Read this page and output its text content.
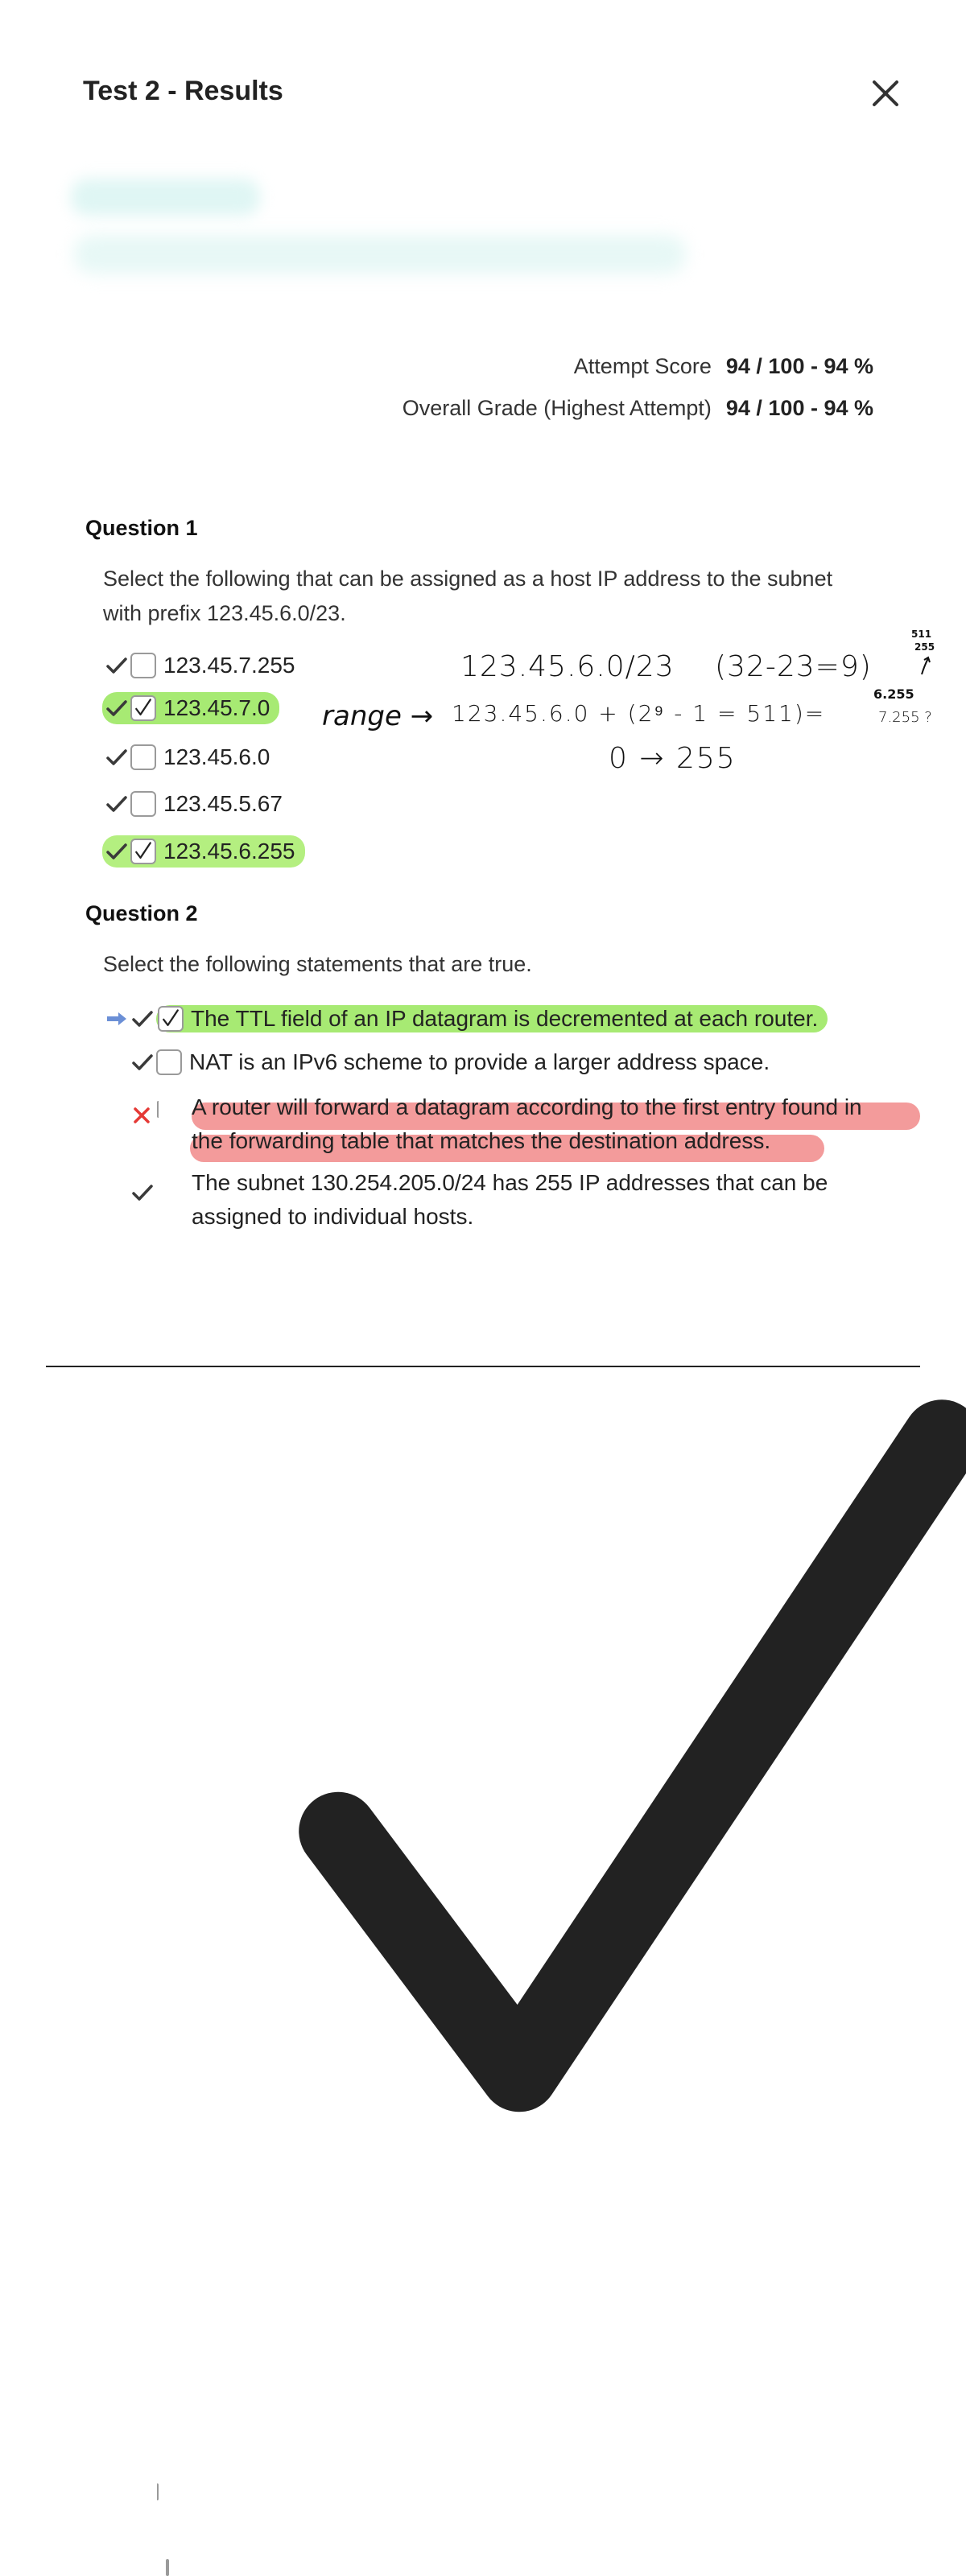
Test 2 - Results
Attempt Score 94 / 100 - 94 %
Overall Grade (Highest Attempt) 94 / 100 - 94 %
Question 1
Select the following that can be assigned as a host IP address to the subnet
with prefix 123.45.6.0/23.
123.45.7.255
123.45.7.0
123.45.6.0
123.45.5.67
123.45.6.255
123.45.6.0/23 (32-23=9)
511
255
range → 123.45.6.0 + (2⁹ - 1 = 511)=
6.255
7.255 ?
0 → 255
Question 2
Select the following statements that are true.
The TTL field of an IP datagram is decremented at each router.
NAT is an IPv6 scheme to provide a larger address space.
A router will forward a datagram according to the first entry found in
the forwarding table that matches the destination address.
The subnet 130.254.205.0/24 has 255 IP addresses that can be
assigned to individual hosts.
